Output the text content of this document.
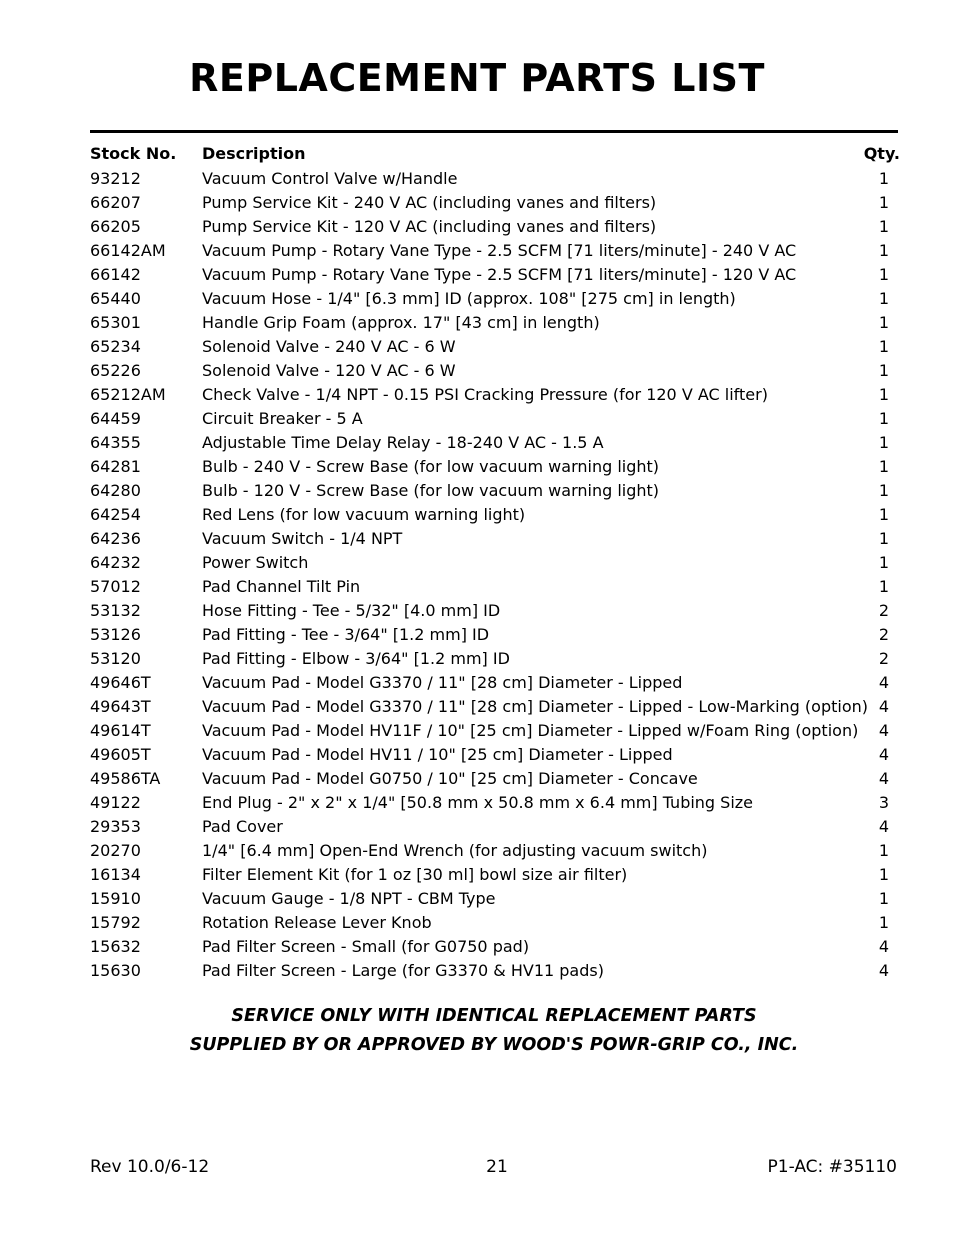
REPLACEMENT PARTS LIST
Stock No. Description	Qty.
93212	Vacuum Control Valve w/Handle	1
66207	Pump Service Kit - 240 V AC (including vanes and filters)	1
66205	Pump Service Kit - 120 V AC (including vanes and filters)	1
66142AM Vacuum Pump - Rotary Vane Type - 2.5 SCFM [71 liters/minute] - 240 V AC	1
66142	Vacuum Pump - Rotary Vane Type - 2.5 SCFM [71 liters/minute] - 120 V AC	1
65440	Vacuum Hose - 1/4" [6.3 mm] ID (approx. 108" [275 cm] in length)	1
65301	Handle Grip Foam (approx. 17" [43 cm] in length)	1
65234	Solenoid Valve - 240 V AC - 6 W	1
65226	Solenoid Valve - 120 V AC - 6 W	1
65212AM Check Valve - 1/4 NPT - 0.15 PSI Cracking Pressure (for 120 V AC lifter)	1
64459	Circuit Breaker - 5 A	1
64355	Adjustable Time Delay Relay - 18-240 V AC - 1.5 A	1
64281	Bulb - 240 V - Screw Base (for low vacuum warning light)	1
64280	Bulb - 120 V - Screw Base (for low vacuum warning light)	1
64254	Red Lens (for low vacuum warning light)	1
64236	Vacuum Switch - 1/4 NPT	1
64232	Power Switch	1
57012	Pad Channel Tilt Pin	1
53132	Hose Fitting - Tee - 5/32" [4.0 mm] ID	2
53126	Pad Fitting - Tee - 3/64" [1.2 mm] ID	2
53120	Pad Fitting - Elbow - 3/64" [1.2 mm] ID	2
49646T	Vacuum Pad - Model G3370 / 11" [28 cm] Diameter - Lipped	4
49643T	Vacuum Pad - Model G3370 / 11" [28 cm] Diameter - Lipped - Low-Marking (option) 4
49614T	Vacuum Pad - Model HV11F / 10" [25 cm] Diameter - Lipped w/Foam Ring (option)	4
49605T	Vacuum Pad - Model HV11 / 10" [25 cm] Diameter - Lipped	4
49586TA	Vacuum Pad - Model G0750 / 10" [25 cm] Diameter - Concave	4
49122	End Plug - 2" x 2" x 1/4" [50.8 mm x 50.8 mm x 6.4 mm] Tubing Size	3
29353	Pad Cover	4
20270	1/4" [6.4 mm] Open-End Wrench (for adjusting vacuum switch)	1
16134	Filter Element Kit (for 1 oz [30 ml] bowl size air filter)	1
15910	Vacuum Gauge - 1/8 NPT - CBM Type	1
15792	Rotation Release Lever Knob	1
15632	Pad Filter Screen - Small (for G0750 pad)	4
15630	Pad Filter Screen - Large (for G3370 & HV11 pads)	4
SERVICE ONLY WITH IDENTICAL REPLACEMENT PARTS
SUPPLIED BY OR APPROVED BY WOOD'S POWR-GRIP CO., INC.
Rev 10.0/6-12	21	P1-AC: #35110
